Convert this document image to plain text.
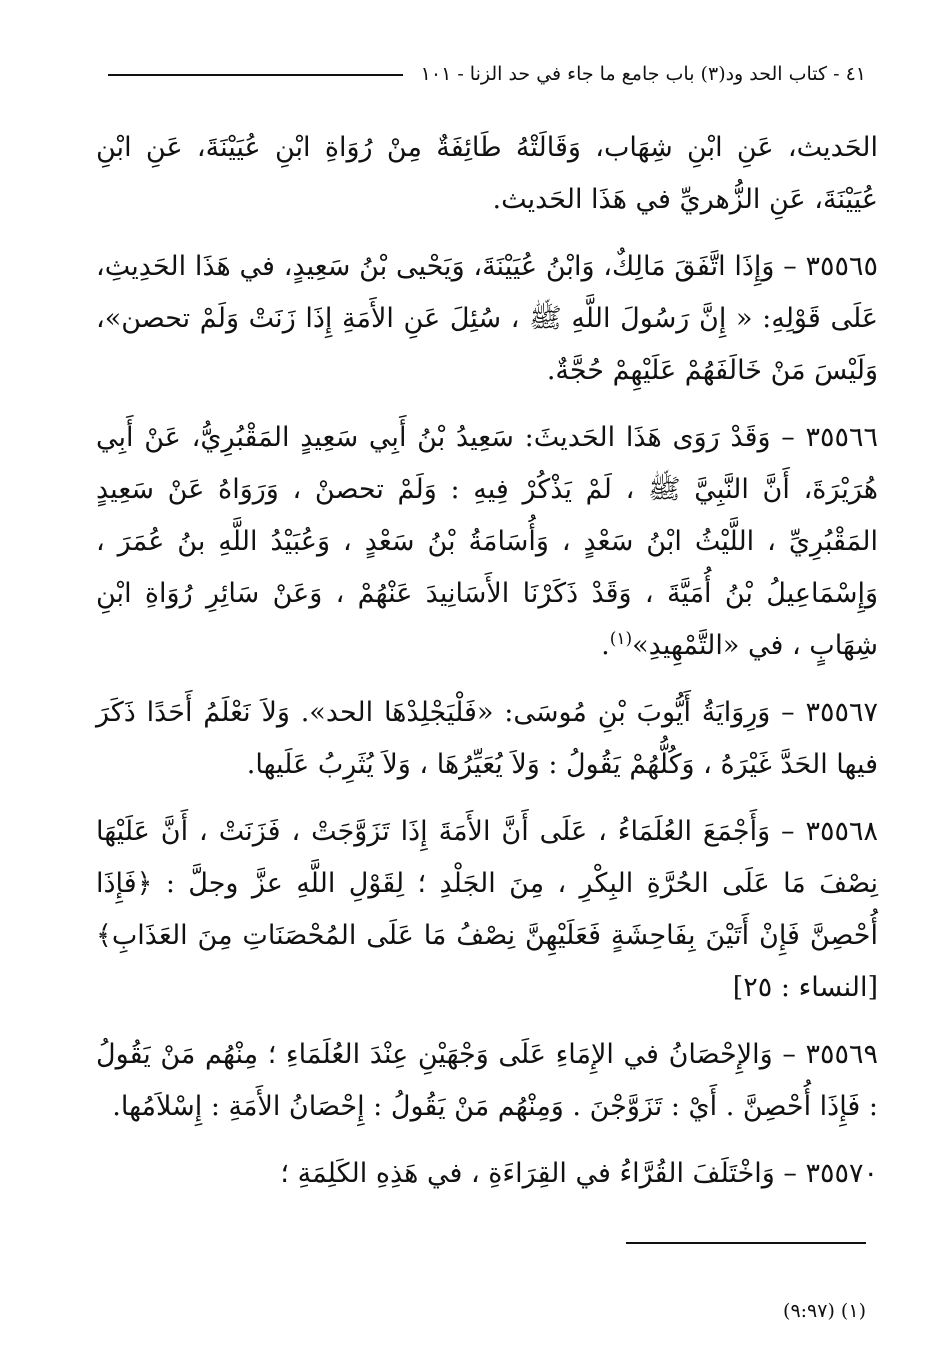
٤١ - كتاب الحد ود(٣) باب جامع ما جاء في حد الزنا - ١٠١

الحَديث، عَنِ ابْنِ شِهَاب، وَقَالَتْهُ طَائِفَةٌ مِنْ رُوَاةِ ابْنِ عُيَيْنَةَ، عَنِ ابْنِ عُيَيْنَةَ، عَنِ الزُّهريِّ في هَذَا الحَديث.

٣٥٥٦٥ – وَإِذَا اتَّفَقَ مَالِكٌ، وَابْنُ عُيَيْنَةَ، وَيَحْيى بْنُ سَعِيدٍ، في هَذَا الحَدِيثِ، عَلَى قَوْلِهِ: « إِنَّ رَسُولَ اللَّهِ ﷺ ، سُئِلَ عَنِ الأَمَةِ إِذَا زَنَتْ وَلَمْ تحصن»، وَلَيْسَ مَنْ خَالَفَهُمْ عَلَيْهِمْ حُجَّةٌ.

٣٥٥٦٦ – وَقَدْ رَوَى هَذَا الحَديثَ: سَعِيدُ بْنُ أَبِي سَعِيدٍ المَقْبُرِيُّ، عَنْ أَبِي هُرَيْرَةَ، أَنَّ النَّبِيَّ ﷺ ، لَمْ يَذْكُرْ فِيهِ : وَلَمْ تحصنْ ، وَرَوَاهُ عَنْ سَعِيدٍ المَقْبُرِيِّ ، اللَّيْثُ ابْنُ سَعْدٍ ، وَأُسَامَةُ بْنُ سَعْدٍ ، وَعُبَيْدُ اللَّهِ بنُ عُمَرَ ، وَإِسْمَاعِيلُ بْنُ أُمَيَّةَ ، وَقَدْ ذَكَرْنَا الأَسَانِيدَ عَنْهُمْ ، وَعَنْ سَائِرِ رُوَاةِ ابْنِ شِهَابٍ ، في «التَّمْهِيدِ»$^{(١)}$.

٣٥٥٦٧ – وَرِوَايَةُ أَيُّوبَ بْنِ مُوسَى: «فَلْيَجْلِدْهَا الحد». وَلاَ نَعْلَمُ أَحَدًا ذَكَرَ فيها الحَدَّ غَيْرَهُ ، وَكُلُّهُمْ يَقُولُ : وَلاَ يُعَيِّرُهَا ، وَلاَ يُثَرِبُ عَلَيها.

٣٥٥٦٨ – وَأَجْمَعَ العُلَمَاءُ ، عَلَى أَنَّ الأَمَةَ إِذَا تَزَوَّجَتْ ، فَزَنَتْ ، أَنَّ عَلَيْهَا نِصْفَ مَا عَلَى الحُرَّةِ البِكْرِ ، مِنَ الجَلْدِ ؛ لِقَوْلِ اللَّهِ عزَّ وجلَّ : ﴿فَإِذَا أُحْصِنَّ فَإِنْ أَتَيْنَ بِفَاحِشَةٍ فَعَلَيْهِنَّ نِصْفُ مَا عَلَى المُحْصَنَاتِ مِنَ العَذَابِ﴾[النساء : ٢٥]

٣٥٥٦٩ – وَالإِحْصَانُ في الإِمَاءِ عَلَى وَجْهَيْنِ عِنْدَ العُلَمَاءِ ؛ مِنْهُم مَنْ يَقُولُ : فَإِذَا أُحْصِنَّ . أَيْ : تَزَوَّجْنَ . وَمِنْهُم مَنْ يَقُولُ : إِحْصَانُ الأَمَةِ : إِسْلاَمُها.

٣٥٥٧٠ – وَاخْتَلَفَ القُرَّاءُ في القِرَاءَةِ ، في هَذِهِ الكَلِمَةِ ؛

(١) (٩:٩٧)
